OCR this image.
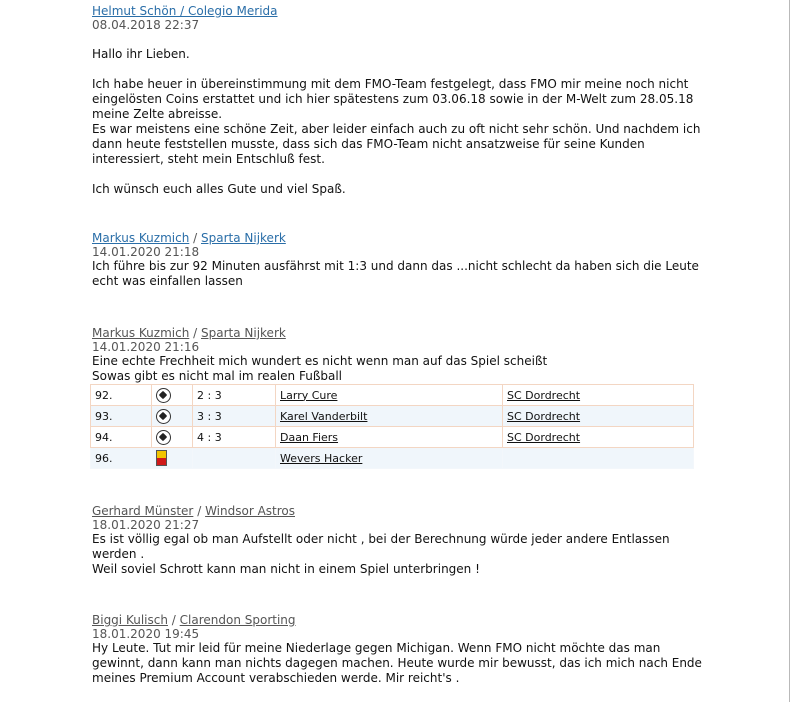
Helmut Schön / Colegio Merida
08.04.2018 22:37

Hallo ihr Lieben.

Ich habe heuer in übereinstimmung mit dem FMO-Team festgelegt, dass FMO mir meine noch nicht eingelösten Coins erstattet und ich hier spätestens zum 03.06.18 sowie in der M-Welt zum 28.05.18 meine Zelte abreisse.

Es war meistens eine schöne Zeit, aber leider einfach auch zu oft nicht sehr schön. Und nachdem ich dann heute feststellen musste, dass sich das FMO-Team nicht ansatzweise für seine Kunden interessiert, steht mein Entschluß fest.

Ich wünsch euch alles Gute und viel Spaß.

Markus Kuzmich / Sparta Nijkerk
14.01.2020 21:18
Ich führe bis zur 92 Minuten ausfährst mit 1:3 und dann das ...nicht schlecht da haben sich die Leute echt was einfallen lassen
Markus Kuzmich / Sparta Nijkerk
14.01.2020 21:16

Eine echte Frechheit mich wundert es nicht wenn man auf das Spiel scheißt

Sowas gibt es nicht mal im realen Fußball

92.		2 : 3	Larry Cure	SC Dordrecht
93.		3 : 3	Karel Vanderbilt	SC Dordrecht
94.		4 : 3	Daan Fiers	SC Dordrecht
96.			Wevers Hacker	
Gerhard Münster / Windsor Astros
18.01.2020 21:27

Es ist völlig egal ob man Aufstellt oder nicht , bei der Berechnung würde jeder andere Entlassen werden .

Weil soviel Schrott kann man nicht in einem Spiel unterbringen !

Biggi Kulisch / Clarendon Sporting
18.01.2020 19:45
Hy Leute. Tut mir leid für meine Niederlage gegen Michigan. Wenn FMO nicht möchte das man gewinnt, dann kann man nichts dagegen machen. Heute wurde mir bewusst, das ich mich nach Ende meines Premium Account verabschieden werde. Mir reicht's .
